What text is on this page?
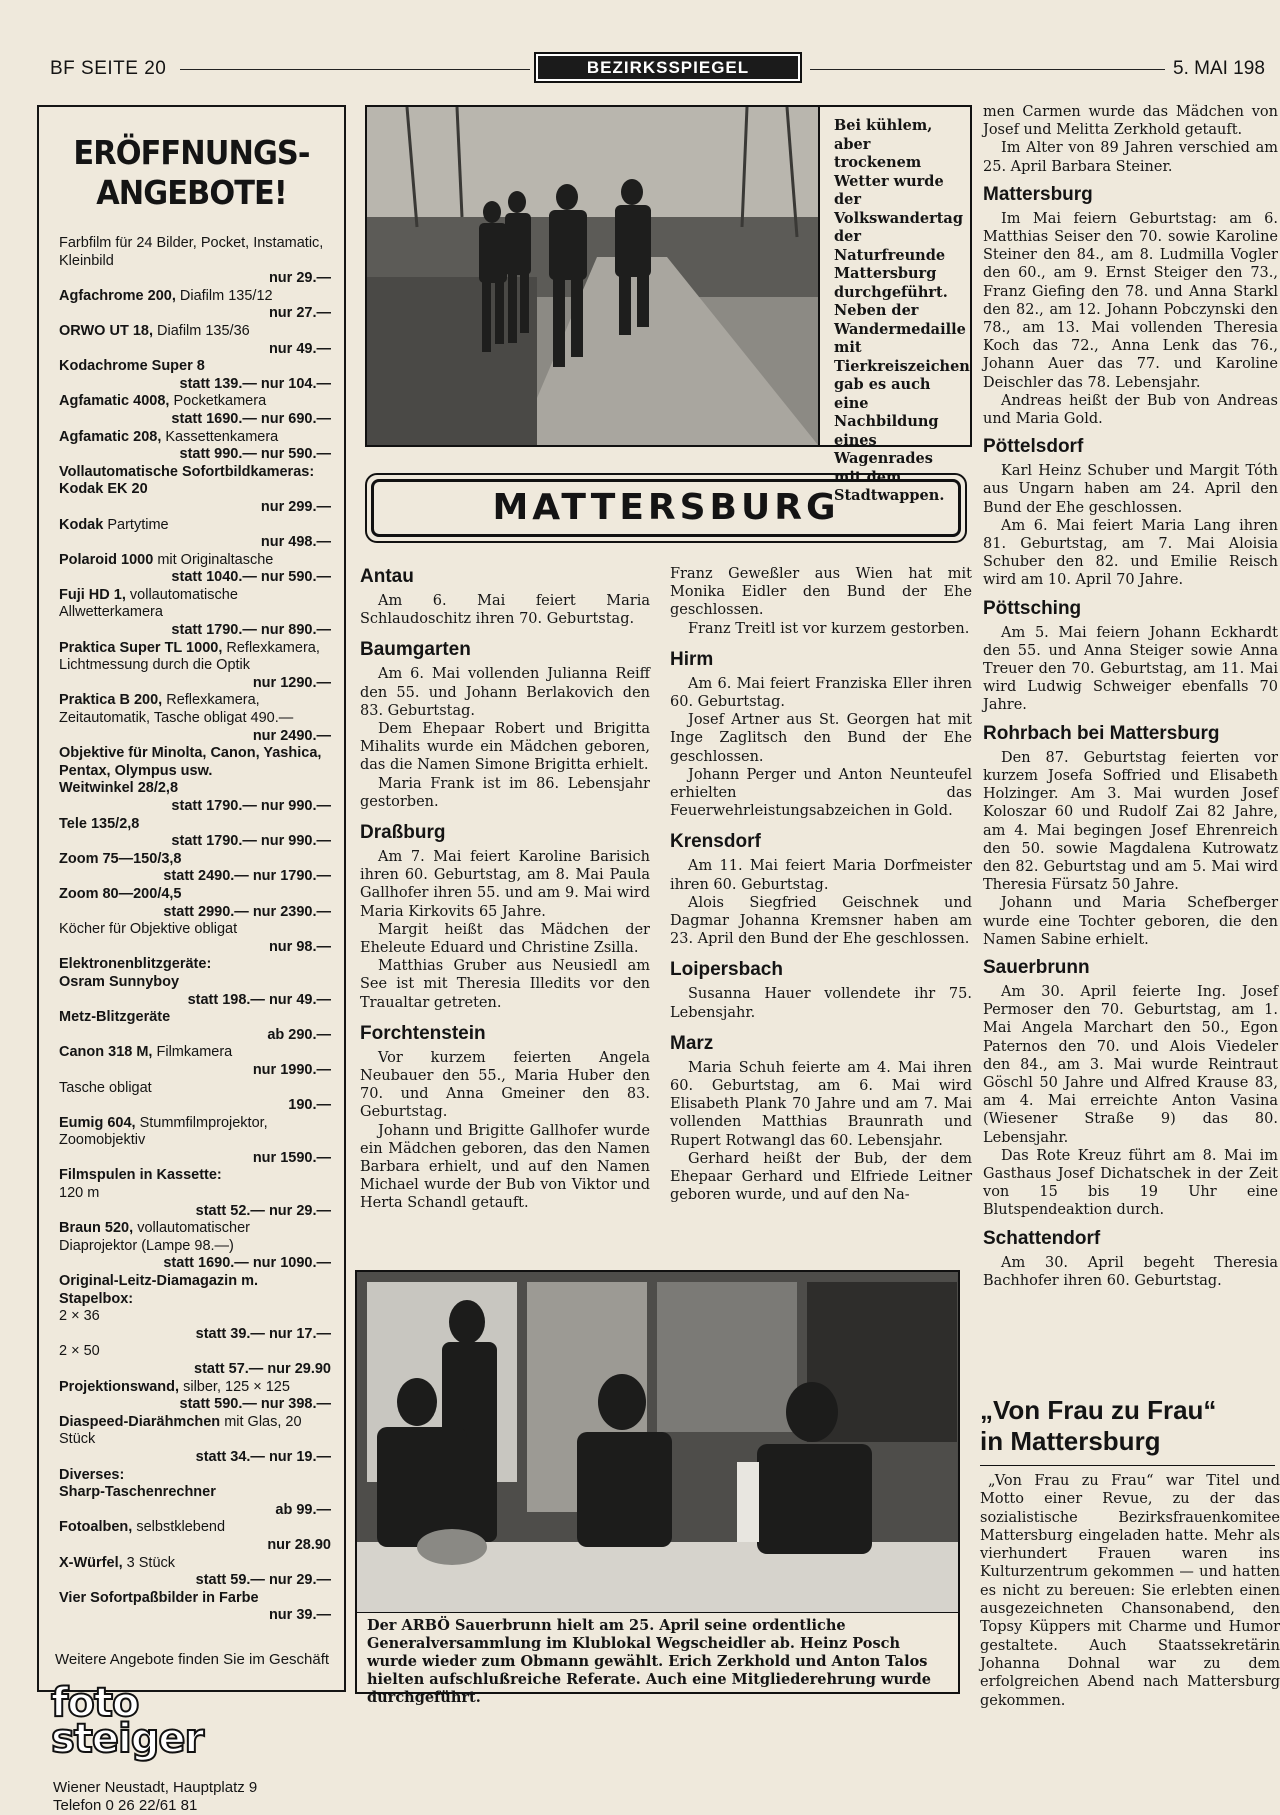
BF SEITE 20	BEZIRKSSPIEGEL	5. MAI 198
ERÖFFNUNGS-
ANGEBOTE!
Farbfilm für 24 Bilder, Pocket, Instamatic, Kleinbild
nur 29.—
Agfachrome 200, Diafilm 135/12
nur 27.—
ORWO UT 18, Diafilm 135/36
nur 49.—
Kodachrome Super 8
statt 139.— nur 104.—
Agfamatic 4008, Pocketkamera
statt 1690.— nur 690.—
Agfamatic 208, Kassettenkamera
statt 990.— nur 590.—
Vollautomatische Sofortbildkameras:
Kodak EK 20
nur 299.—
Kodak Partytime
nur 498.—
Polaroid 1000 mit Originaltasche
statt 1040.— nur 590.—
Fuji HD 1, vollautomatische Allwetterkamera
statt 1790.— nur 890.—
Praktica Super TL 1000, Reflexkamera, Lichtmessung durch die Optik
nur 1290.—
Praktica B 200, Reflexkamera, Zeitautomatik, Tasche obligat 490.—
nur 2490.—
Objektive für Minolta, Canon, Yashica, Pentax, Olympus usw.
Weitwinkel 28/2,8
statt 1790.— nur 990.—
Tele 135/2,8
statt 1790.— nur 990.—
Zoom 75—150/3,8
statt 2490.— nur 1790.—
Zoom 80—200/4,5
statt 2990.— nur 2390.—
Köcher für Objektive obligat
nur 98.—
Elektronenblitzgeräte:
Osram Sunnyboy
statt 198.— nur 49.—
Metz-Blitzgeräte
ab 290.—
Canon 318 M, Filmkamera
nur 1990.—
Tasche obligat
190.—
Eumig 604, Stummfilmprojektor, Zoomobjektiv
nur 1590.—
Filmspulen in Kassette:
120 m
statt 52.— nur 29.—
Braun 520, vollautomatischer Diaprojektor (Lampe 98.—)
statt 1690.— nur 1090.—
Original-Leitz-Diamagazin m. Stapelbox:
2 × 36
statt 39.— nur 17.—
2 × 50
statt 57.— nur 29.90
Projektionswand, silber, 125 × 125
statt 590.— nur 398.—
Diaspeed-Diarähmchen mit Glas, 20 Stück
statt 34.— nur 19.—
Diverses:
Sharp-Taschenrechner
ab 99.—
Fotoalben, selbstklebend
nur 28.90
X-Würfel, 3 Stück
statt 59.— nur 29.—
Vier Sofortpaßbilder in Farbe
nur 39.—
Weitere Angebote finden Sie im Geschäft
foto
steiger
Wiener Neustadt, Hauptplatz 9
Telefon 0 26 22/61 81
Bei kühlem, aber trockenem Wetter wurde der Volkswandertag der Naturfreunde Mattersburg durchgeführt. Neben der Wandermedaille mit Tierkreiszeichen gab es auch eine Nachbildung eines Wagenrades mit dem Stadtwappen.
MATTERSBURG
Antau

Am 6. Mai feiert Maria Schlaudoschitz ihren 70. Geburtstag.

Baumgarten

Am 6. Mai vollenden Julianna Reiff den 55. und Johann Berlakovich den 83. Geburtstag.

Dem Ehepaar Robert und Brigitta Mihalits wurde ein Mädchen geboren, das die Namen Simone Brigitta erhielt.

Maria Frank ist im 86. Lebensjahr gestorben.

Draßburg

Am 7. Mai feiert Karoline Barisich ihren 60. Geburtstag, am 8. Mai Paula Gallhofer ihren 55. und am 9. Mai wird Maria Kirkovits 65 Jahre.

Margit heißt das Mädchen der Eheleute Eduard und Christine Zsilla.

Matthias Gruber aus Neusiedl am See ist mit Theresia Illedits vor den Traualtar getreten.

Forchtenstein

Vor kurzem feierten Angela Neubauer den 55., Maria Huber den 70. und Anna Gmeiner den 83. Geburtstag.

Johann und Brigitte Gallhofer wurde ein Mädchen geboren, das den Namen Barbara erhielt, und auf den Namen Michael wurde der Bub von Viktor und Herta Schandl getauft.

Franz Geweßler aus Wien hat mit Monika Eidler den Bund der Ehe geschlossen.

Franz Treitl ist vor kurzem gestorben.

Hirm

Am 6. Mai feiert Franziska Eller ihren 60. Geburtstag.

Josef Artner aus St. Georgen hat mit Inge Zaglitsch den Bund der Ehe geschlossen.

Johann Perger und Anton Neunteufel erhielten das Feuerwehrleistungsabzeichen in Gold.

Krensdorf

Am 11. Mai feiert Maria Dorfmeister ihren 60. Geburtstag.

Alois Siegfried Geischnek und Dagmar Johanna Kremsner haben am 23. April den Bund der Ehe geschlossen.

Loipersbach

Susanna Hauer vollendete ihr 75. Lebensjahr.

Marz

Maria Schuh feierte am 4. Mai ihren 60. Geburtstag, am 6. Mai wird Elisabeth Plank 70 Jahre und am 7. Mai vollenden Matthias Braunrath und Rupert Rotwangl das 60. Lebensjahr.

Gerhard heißt der Bub, der dem Ehepaar Gerhard und Elfriede Leitner geboren wurde, und auf den Na-

men Carmen wurde das Mädchen von Josef und Melitta Zerkhold getauft.

Im Alter von 89 Jahren verschied am 25. April Barbara Steiner.

Mattersburg

Im Mai feiern Geburtstag: am 6. Matthias Seiser den 70. sowie Karoline Steiner den 84., am 8. Ludmilla Vogler den 60., am 9. Ernst Steiger den 73., Franz Giefing den 78. und Anna Starkl den 82., am 12. Johann Pobczynski den 78., am 13. Mai vollenden Theresia Koch das 72., Anna Lenk das 76., Johann Auer das 77. und Karoline Deischler das 78. Lebensjahr.

Andreas heißt der Bub von Andreas und Maria Gold.

Pöttelsdorf

Karl Heinz Schuber und Margit Tóth aus Ungarn haben am 24. April den Bund der Ehe geschlossen.

Am 6. Mai feiert Maria Lang ihren 81. Geburtstag, am 7. Mai Aloisia Schuber den 82. und Emilie Reisch wird am 10. April 70 Jahre.

Pöttsching

Am 5. Mai feiern Johann Eckhardt den 55. und Anna Steiger sowie Anna Treuer den 70. Geburtstag, am 11. Mai wird Ludwig Schweiger ebenfalls 70 Jahre.

Rohrbach bei Mattersburg

Den 87. Geburtstag feierten vor kurzem Josefa Soffried und Elisabeth Holzinger. Am 3. Mai wurden Josef Koloszar 60 und Rudolf Zai 82 Jahre, am 4. Mai begingen Josef Ehrenreich den 50. sowie Magdalena Kutrowatz den 82. Geburtstag und am 5. Mai wird Theresia Fürsatz 50 Jahre.

Johann und Maria Schefberger wurde eine Tochter geboren, die den Namen Sabine erhielt.

Sauerbrunn

Am 30. April feierte Ing. Josef Permoser den 70. Geburtstag, am 1. Mai Angela Marchart den 50., Egon Paternos den 70. und Alois Viedeler den 84., am 3. Mai wurde Reintraut Göschl 50 Jahre und Alfred Krause 83, am 4. Mai erreichte Anton Vasina (Wiesener Straße 9) das 80. Lebensjahr.

Das Rote Kreuz führt am 8. Mai im Gasthaus Josef Dichatschek in der Zeit von 15 bis 19 Uhr eine Blutspendeaktion durch.

Schattendorf

Am 30. April begeht Theresia Bachhofer ihren 60. Geburtstag.

Der ARBÖ Sauerbrunn hielt am 25. April seine ordentliche Generalversammlung im Klublokal Wegscheidler ab. Heinz Posch wurde wieder zum Obmann gewählt. Erich Zerkhold und Anton Talos hielten aufschlußreiche Referate. Auch eine Mitgliederehrung wurde durchgeführt.
„Von Frau zu Frau“
in Mattersburg

„Von Frau zu Frau“ war Titel und Motto einer Revue, zu der das sozialistische Bezirksfrauenkomitee Mattersburg eingeladen hatte. Mehr als vierhundert Frauen waren ins Kulturzentrum gekommen — und hatten es nicht zu bereuen: Sie erlebten einen ausgezeichneten Chansonabend, den Topsy Küppers mit Charme und Humor gestaltete. Auch Staatssekretärin Johanna Dohnal war zu dem erfolgreichen Abend nach Mattersburg gekommen.
